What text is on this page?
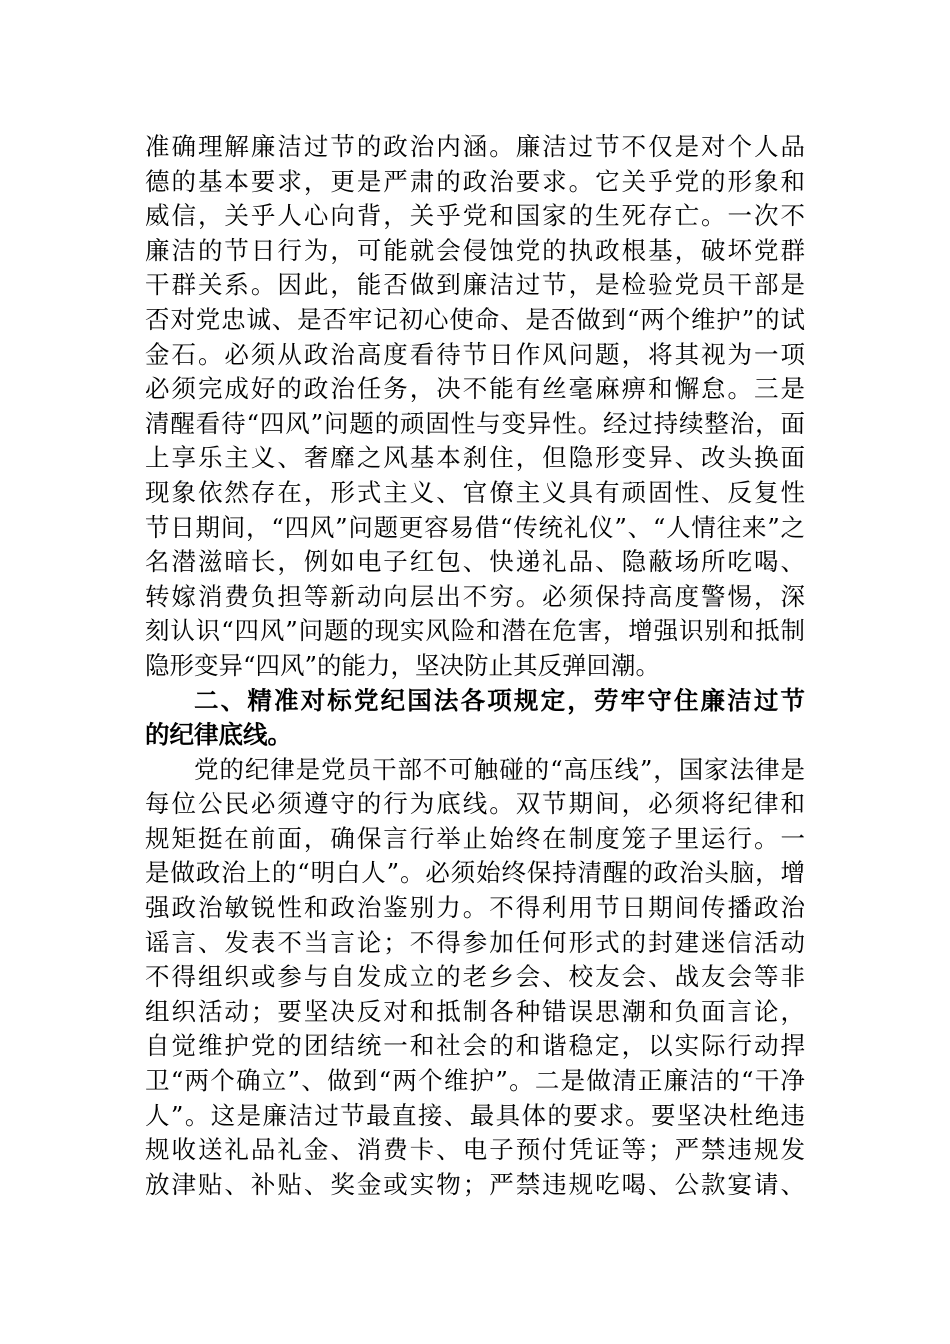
准确理解廉洁过节的政治内涵。廉洁过节不仅是对个人品
德的基本要求，更是严肃的政治要求。它关乎党的形象和
威信，关乎人心向背，关乎党和国家的生死存亡。一次不
廉洁的节日行为，可能就会侵蚀党的执政根基，破坏党群
干群关系。因此，能否做到廉洁过节，是检验党员干部是
否对党忠诚、是否牢记初心使命、是否做到“两个维护”的试
金石。必须从政治高度看待节日作风问题，将其视为一项
必须完成好的政治任务，决不能有丝毫麻痹和懈怠。三是
清醒看待“四风”问题的顽固性与变异性。经过持续整治，面
上享乐主义、奢靡之风基本刹住，但隐形变异、改头换面
现象依然存在，形式主义、官僚主义具有顽固性、反复性
节日期间，“四风”问题更容易借“传统礼仪”、“人情往来”之
名潜滋暗长，例如电子红包、快递礼品、隐蔽场所吃喝、
转嫁消费负担等新动向层出不穷。必须保持高度警惕，深
刻认识“四风”问题的现实风险和潜在危害，增强识别和抵制
隐形变异“四风”的能力，坚决防止其反弹回潮。
二、精准对标党纪国法各项规定，劳牢守住廉洁过节
的纪律底线。
党的纪律是党员干部不可触碰的“高压线”，国家法律是
每位公民必须遵守的行为底线。双节期间，必须将纪律和
规矩挺在前面，确保言行举止始终在制度笼子里运行。一
是做政治上的“明白人”。必须始终保持清醒的政治头脑，增
强政治敏锐性和政治鉴别力。不得利用节日期间传播政治
谣言、发表不当言论；不得参加任何形式的封建迷信活动
不得组织或参与自发成立的老乡会、校友会、战友会等非
组织活动；要坚决反对和抵制各种错误思潮和负面言论，
自觉维护党的团结统一和社会的和谐稳定，以实际行动捍
卫“两个确立”、做到“两个维护”。二是做清正廉洁的“干净
人”。这是廉洁过节最直接、最具体的要求。要坚决杜绝违
规收送礼品礼金、消费卡、电子预付凭证等；严禁违规发
放津贴、补贴、奖金或实物；严禁违规吃喝、公款宴请、
